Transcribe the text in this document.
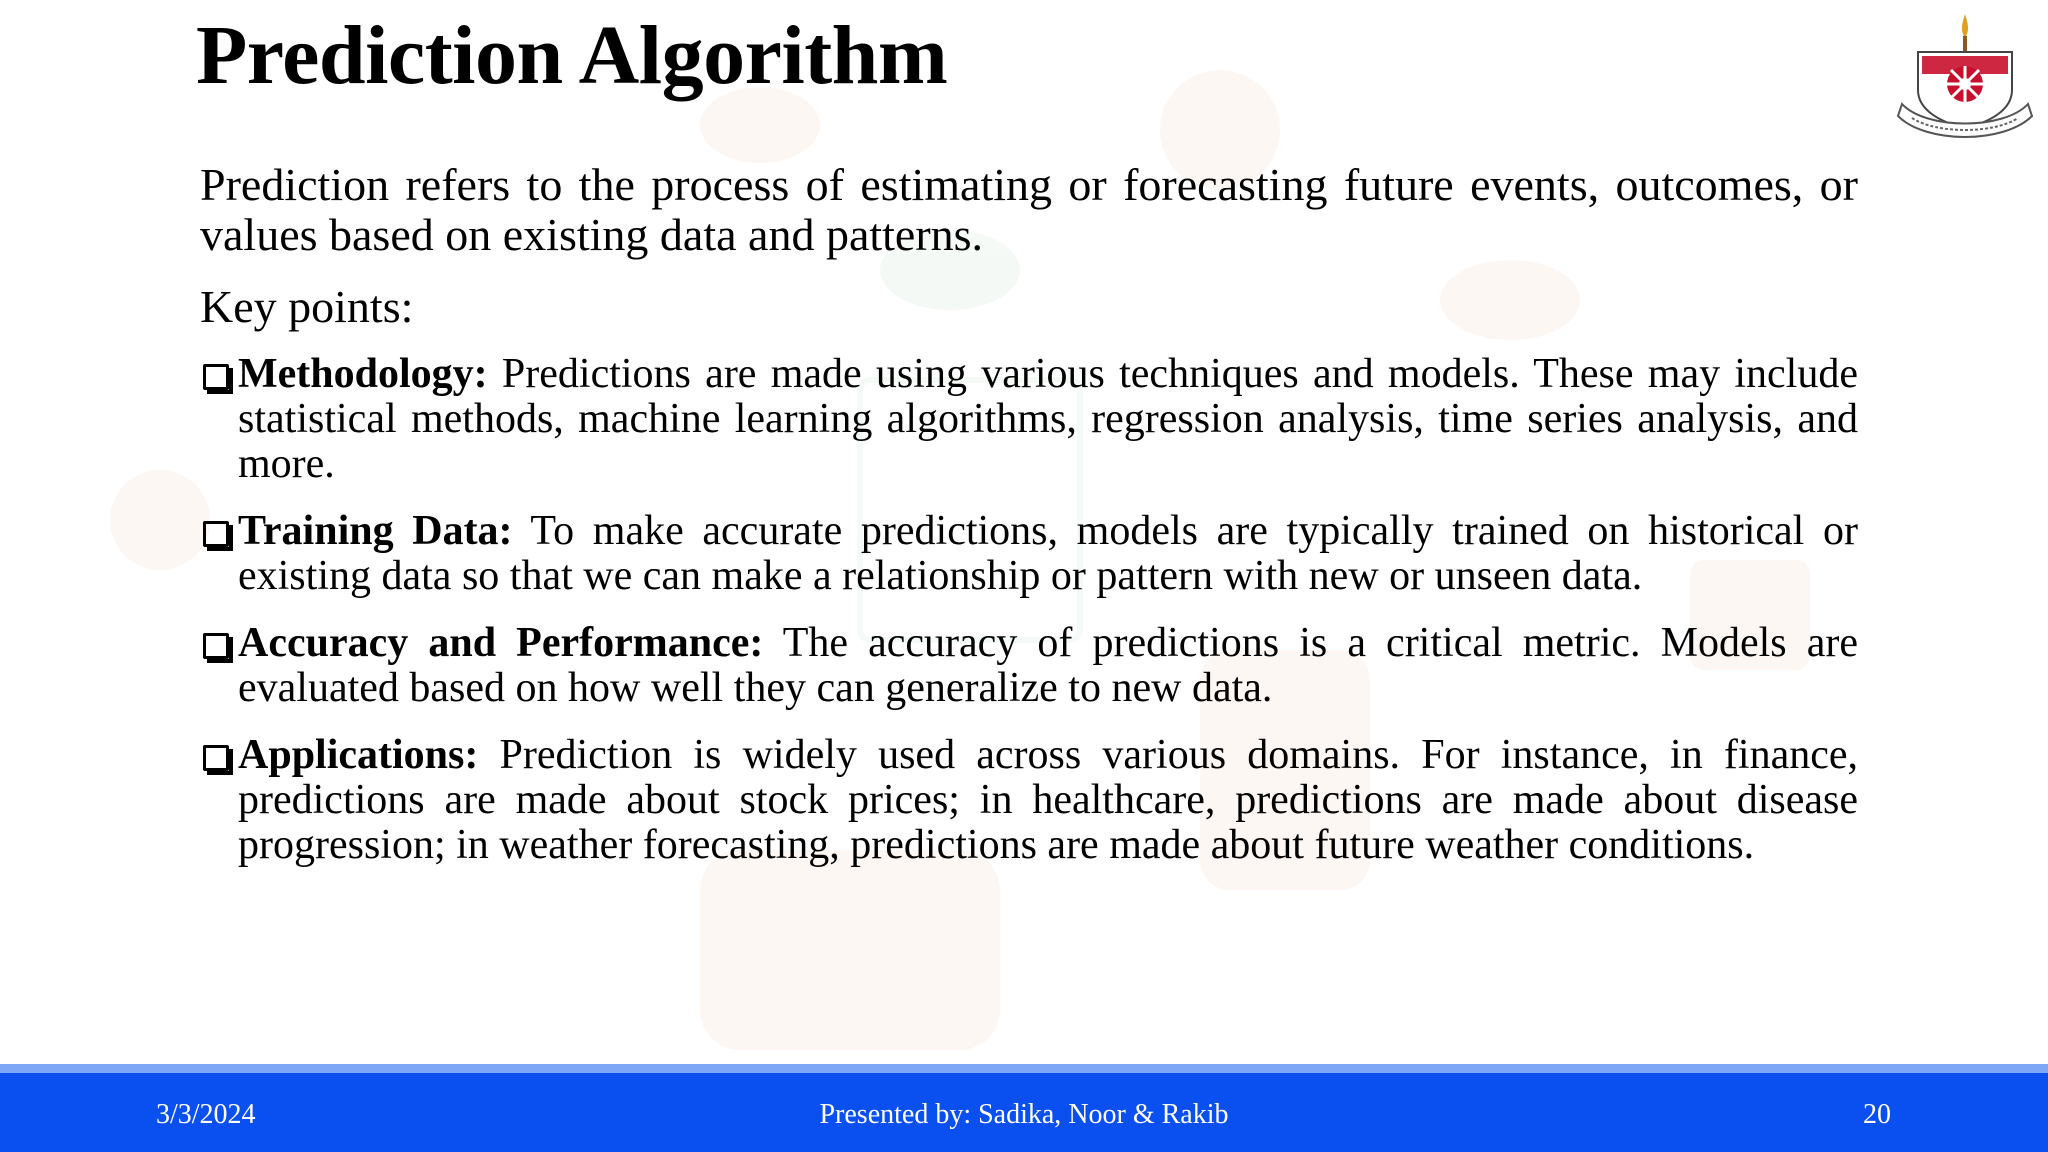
Prediction Algorithm

Prediction refers to the process of estimating or forecasting future events, outcomes, or values based on existing data and patterns.

Key points:

Methodology: Predictions are made using various techniques and models. These may include statistical methods, machine learning algorithms, regression analysis, time series analysis, and more.
Training Data: To make accurate predictions, models are typically trained on historical or existing data so that we can make a relationship or pattern with new or unseen data.
Accuracy and Performance: The accuracy of predictions is a critical metric. Models are evaluated based on how well they can generalize to new data.
Applications: Prediction is widely used across various domains. For instance, in finance, predictions are made about stock prices; in healthcare, predictions are made about disease progression; in weather forecasting, predictions are made about future weather conditions.
3/3/2024	Presented by: Sadika, Noor & Rakib	20
